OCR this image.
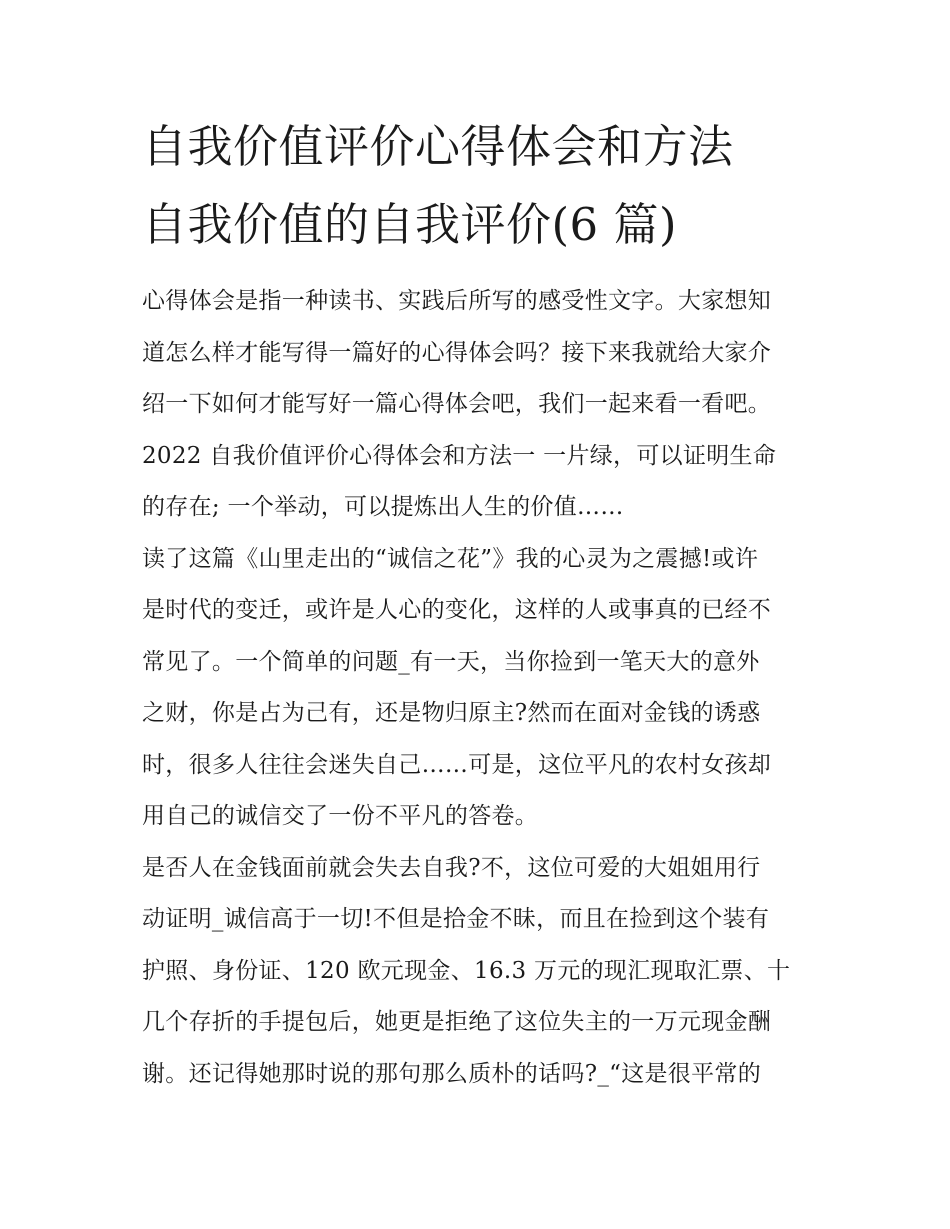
自我价值评价心得体会和方法
自我价值的自我评价(6 篇)
心得体会是指一种读书、实践后所写的感受性文字。大家想知
道怎么样才能写得一篇好的心得体会吗？接下来我就给大家介
绍一下如何才能写好一篇心得体会吧，我们一起来看一看吧。
2022 自我价值评价心得体会和方法一 一片绿，可以证明生命
的存在; 一个举动，可以提炼出人生的价值……
读了这篇《山里走出的“诚信之花”》我的心灵为之震撼!或许
是时代的变迁，或许是人心的变化，这样的人或事真的已经不
常见了。一个简单的问题_有一天，当你捡到一笔天大的意外
之财，你是占为己有，还是物归原主?然而在面对金钱的诱惑
时，很多人往往会迷失自己……可是，这位平凡的农村女孩却
用自己的诚信交了一份不平凡的答卷。
是否人在金钱面前就会失去自我?不，这位可爱的大姐姐用行
动证明_诚信高于一切!不但是拾金不昧，而且在捡到这个装有
护照、身份证、120 欧元现金、16.3 万元的现汇现取汇票、十
几个存折的手提包后，她更是拒绝了这位失主的一万元现金酬
谢。还记得她那时说的那句那么质朴的话吗?_“这是很平常的
